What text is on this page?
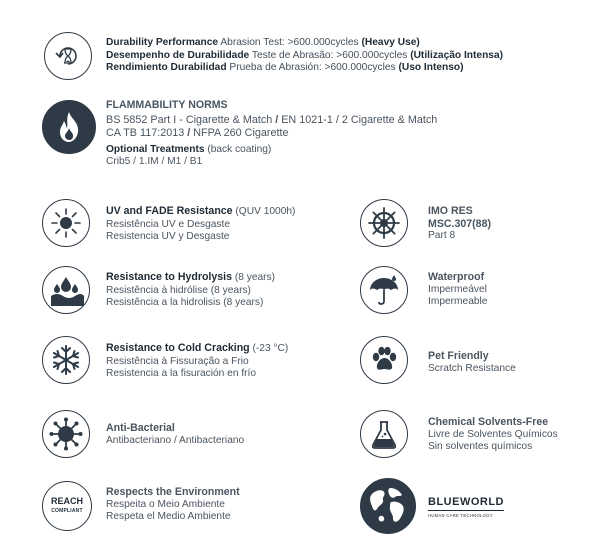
Durability Performance Abrasion Test: >600.000cycles (Heavy Use)
Desempenho de Durabilidade Teste de Abrasão: >600.000cycles (Utilização Intensa)
Rendimiento Durabilidad Prueba de Abrasión: >600.000cycles (Uso Intenso)
FLAMMABILITY NORMS
BS 5852 Part I - Cigarette & Match / EN 1021-1 / 2 Cigarette & Match
CA TB 117:2013 / NFPA 260 Cigarette
Optional Treatments (back coating)
Crib5 / 1.IM / M1 / B1
UV and FADE Resistance (QUV 1000h)
Resistência UV e Desgaste
Resistencia UV y Desgaste
IMO RES
MSC.307(88)
Part 8
Resistance to Hydrolysis (8 years)
Resistência à hidrólise (8 years)
Resistência a la hidrolisis (8 years)
Waterproof
Impermeável
Impermeable
Resistance to Cold Cracking (-23 °C)
Resistência à Fissuração a Frio
Resistencia a la fisuración en frío
Pet Friendly
Scratch Resistance
Anti-Bacterial
Antibacteriano / Antibacteriano
Chemical Solvents-Free
Livre de Solventes Químicos
Sin solventes químicos
REACH
COMPLIANT
Respects the Environment
Respeita o Meio Ambiente
Respeta el Medio Ambiente
BLUEWORLD
HUMAN CARE TECHNOLOGY
